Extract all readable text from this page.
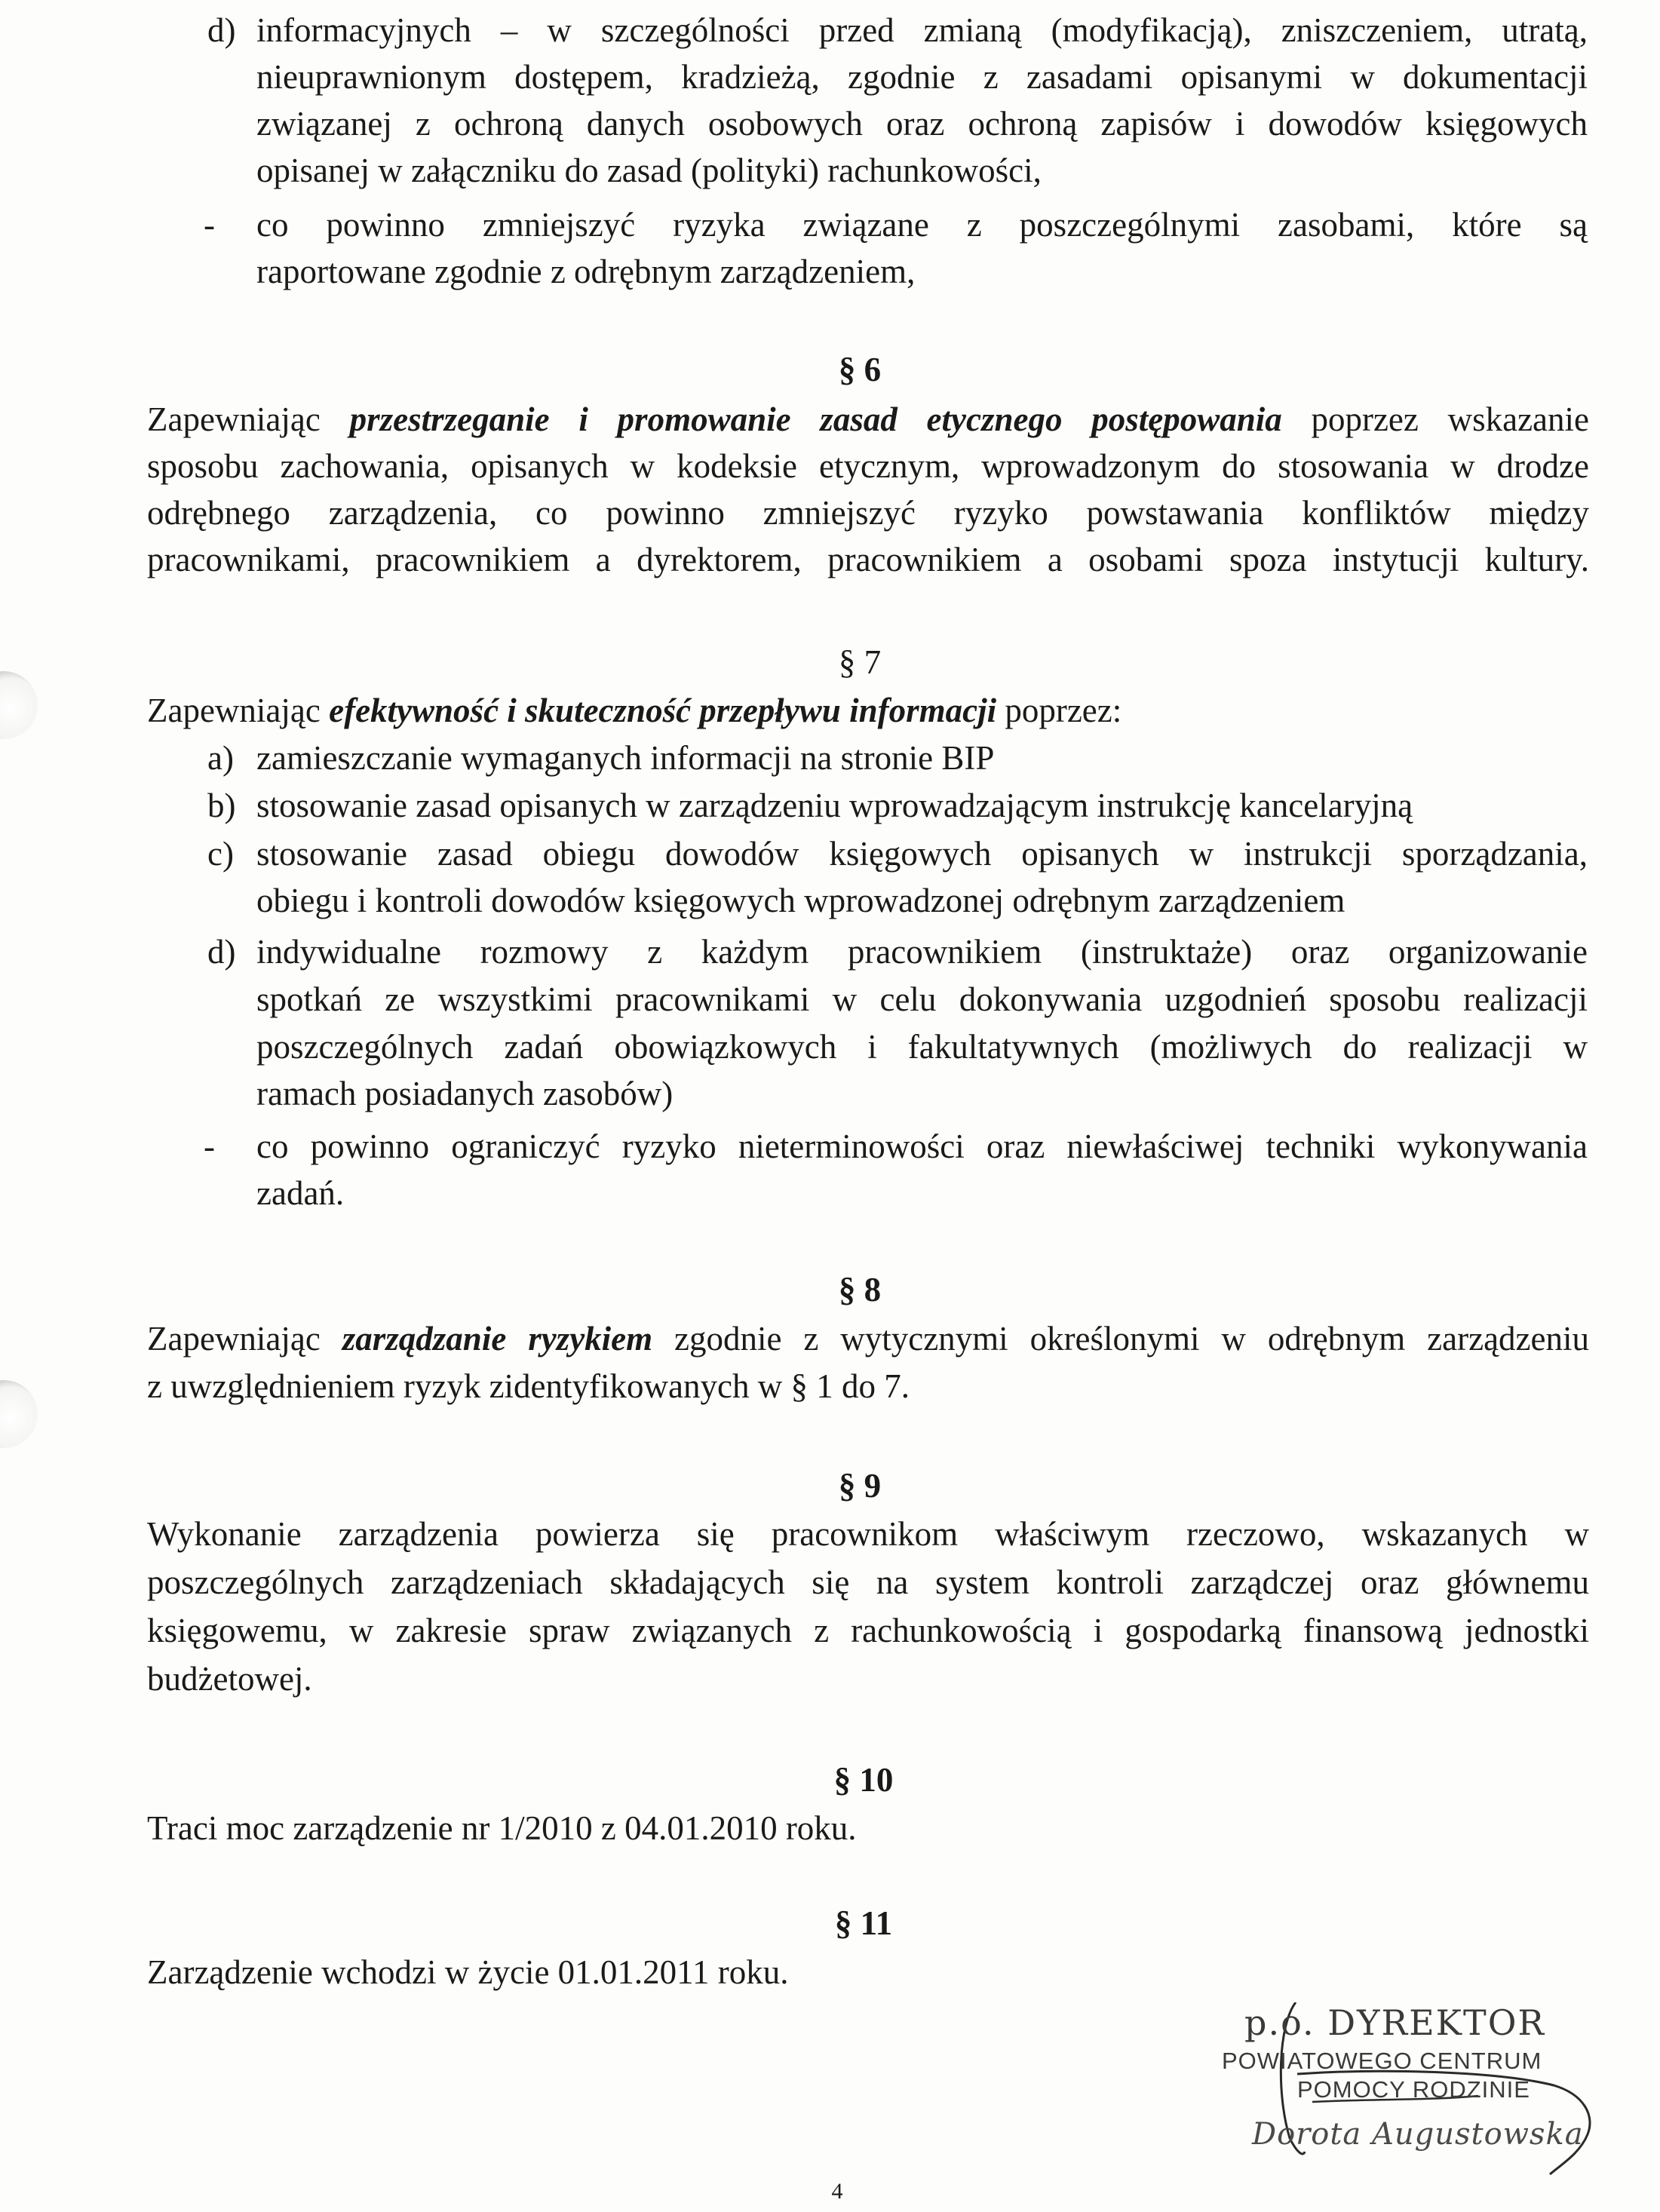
d) informacyjnych – w szczególności przed zmianą (modyfikacją), zniszczeniem, utratą,
nieuprawnionym dostępem, kradzieżą, zgodnie z zasadami opisanymi w dokumentacji
związanej z ochroną danych osobowych oraz ochroną zapisów i dowodów księgowych
opisanej w załączniku do zasad (polityki) rachunkowości,
- co powinno zmniejszyć ryzyka związane z poszczególnymi zasobami, które są
raportowane zgodnie z odrębnym zarządzeniem,
§ 6
Zapewniając przestrzeganie i promowanie zasad etycznego postępowania poprzez wskazanie
sposobu zachowania, opisanych w kodeksie etycznym, wprowadzonym do stosowania w drodze
odrębnego zarządzenia, co powinno zmniejszyć ryzyko powstawania konfliktów między
pracownikami, pracownikiem a dyrektorem, pracownikiem a osobami spoza instytucji kultury.
§ 7
Zapewniając efektywność i skuteczność przepływu informacji poprzez:
a) zamieszczanie wymaganych informacji na stronie BIP
b) stosowanie zasad opisanych w zarządzeniu wprowadzającym instrukcję kancelaryjną
c) stosowanie zasad obiegu dowodów księgowych opisanych w instrukcji sporządzania,
obiegu i kontroli dowodów księgowych wprowadzonej odrębnym zarządzeniem
d) indywidualne rozmowy z każdym pracownikiem (instruktaże) oraz organizowanie
spotkań ze wszystkimi pracownikami w celu dokonywania uzgodnień sposobu realizacji
poszczególnych zadań obowiązkowych i fakultatywnych (możliwych do realizacji w
ramach posiadanych zasobów)
- co powinno ograniczyć ryzyko nieterminowości oraz niewłaściwej techniki wykonywania
zadań.
§ 8
Zapewniając zarządzanie ryzykiem zgodnie z wytycznymi określonymi w odrębnym zarządzeniu
z uwzględnieniem ryzyk zidentyfikowanych w § 1 do 7.
§ 9
Wykonanie zarządzenia powierza się pracownikom właściwym rzeczowo, wskazanych w
poszczególnych zarządzeniach składających się na system kontroli zarządczej oraz głównemu
księgowemu, w zakresie spraw związanych z rachunkowością i gospodarką finansową jednostki
budżetowej.
§ 10
Traci moc zarządzenie nr 1/2010 z 04.01.2010 roku.
§ 11
Zarządzenie wchodzi w życie 01.01.2011 roku.
p.o. DYREKTOR
POWIATOWEGO CENTRUM
POMOCY RODZINIE
Dorota Augustowska
4
